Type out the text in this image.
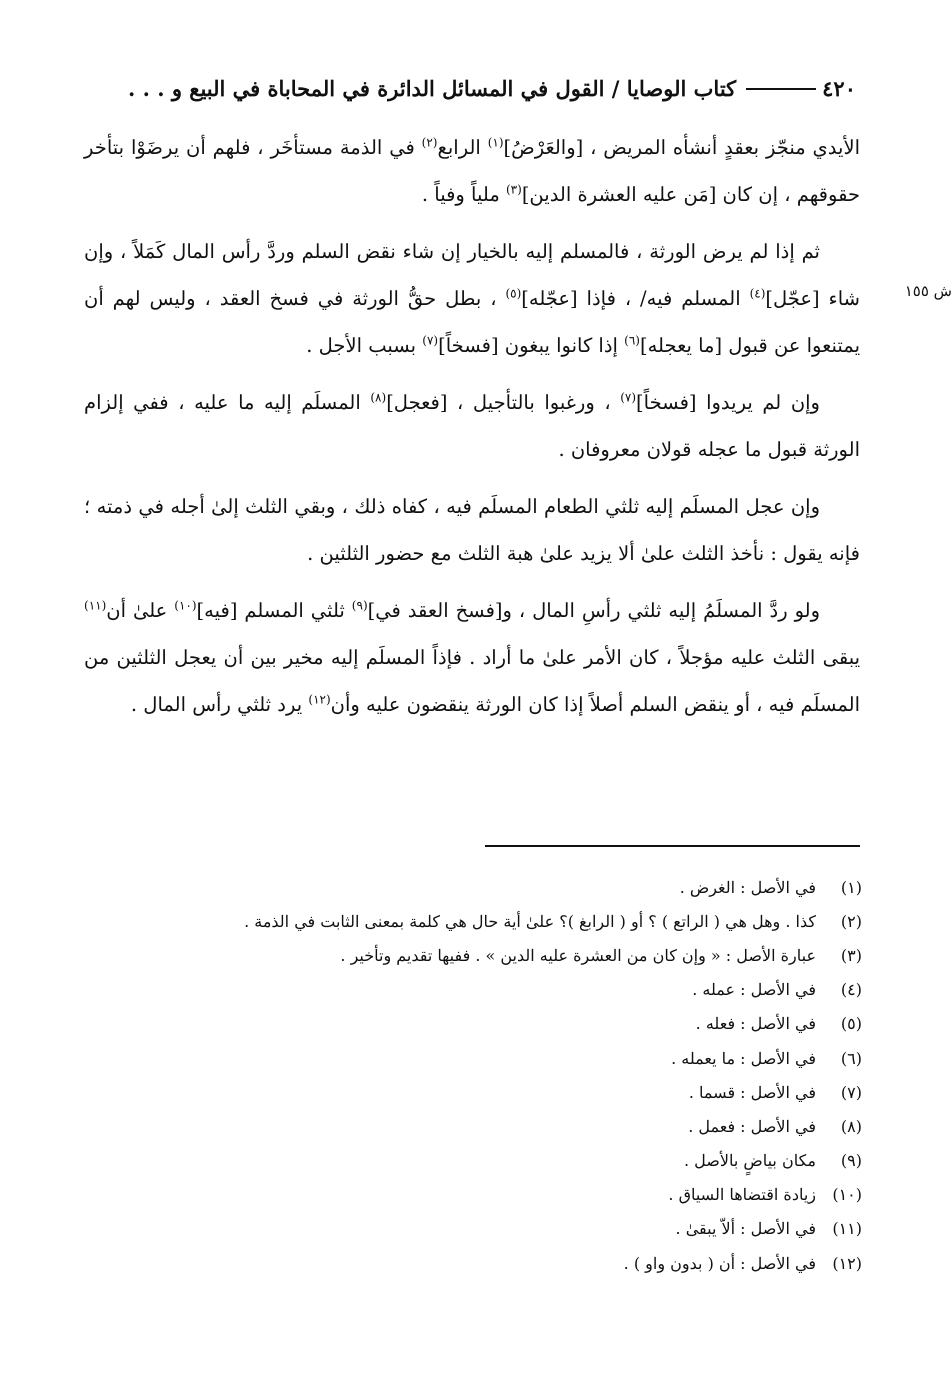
٤٢٠
كتاب الوصايا / القول في المسائل الدائرة في المحاباة في البيع و . . .
ش ١٥٥

الأيدي منجّز بعقدٍ أنشأه المريض ، [والعَرْضُ]$^{(١)}$ الرابع$^{(٢)}$ في الذمة مستأخَر ، فلهم أن يرضَوْا بتأخر حقوقهم ، إن كان [مَن عليه العشرة الدين]$^{(٣)}$ ملياً وفياً .

ثم إذا لم يرض الورثة ، فالمسلم إليه بالخيار إن شاء نقض السلم وردَّ رأس المال كَمَلاً ، وإن شاء [عجّل]$^{(٤)}$ المسلم فيه/ ، فإذا [عجّله]$^{(٥)}$ ، بطل حقُّ الورثة في فسخ العقد ، وليس لهم أن يمتنعوا عن قبول [ما يعجله]$^{(٦)}$ إذا كانوا يبغون [فسخاً]$^{(٧)}$ بسبب الأجل .

وإن لم يريدوا [فسخاً]$^{(٧)}$ ، ورغبوا بالتأجيل ، [فعجل]$^{(٨)}$ المسلَم إليه ما عليه ، ففي إلزام الورثة قبول ما عجله قولان معروفان .

وإن عجل المسلَم إليه ثلثي الطعام المسلَم فيه ، كفاه ذلك ، وبقي الثلث إلىٰ أجله في ذمته ؛ فإنه يقول : نأخذ الثلث علىٰ ألا يزيد علىٰ هبة الثلث مع حضور الثلثين .

ولو ردَّ المسلَمُ إليه ثلثي رأسِ المال ، و[فسخ العقد في]$^{(٩)}$ ثلثي المسلم [فيه]$^{(١٠)}$ علىٰ أن$^{(١١)}$ يبقى الثلث عليه مؤجلاً ، كان الأمر علىٰ ما أراد . فإذاً المسلَم إليه مخير بين أن يعجل الثلثين من المسلَم فيه ، أو ينقض السلم أصلاً إذا كان الورثة ينقضون عليه وأن$^{(١٢)}$ يرد ثلثي رأس المال .

(١)
في الأصل : الغرض .
(٢)
كذا . وهل هي ( الراتع ) ؟ أو ( الرابغ )؟ علىٰ أية حال هي كلمة بمعنى الثابت في الذمة .
(٣)
عبارة الأصل : « وإن كان من العشرة عليه الدين » . ففيها تقديم وتأخير .
(٤)
في الأصل : عمله .
(٥)
في الأصل : فعله .
(٦)
في الأصل : ما يعمله .
(٧)
في الأصل : قسما .
(٨)
في الأصل : فعمل .
(٩)
مكان بياضٍ بالأصل .
(١٠)
زيادة اقتضاها السياق .
(١١)
في الأصل : ألاّ يبقىٰ .
(١٢)
في الأصل : أن ( بدون واو ) .
